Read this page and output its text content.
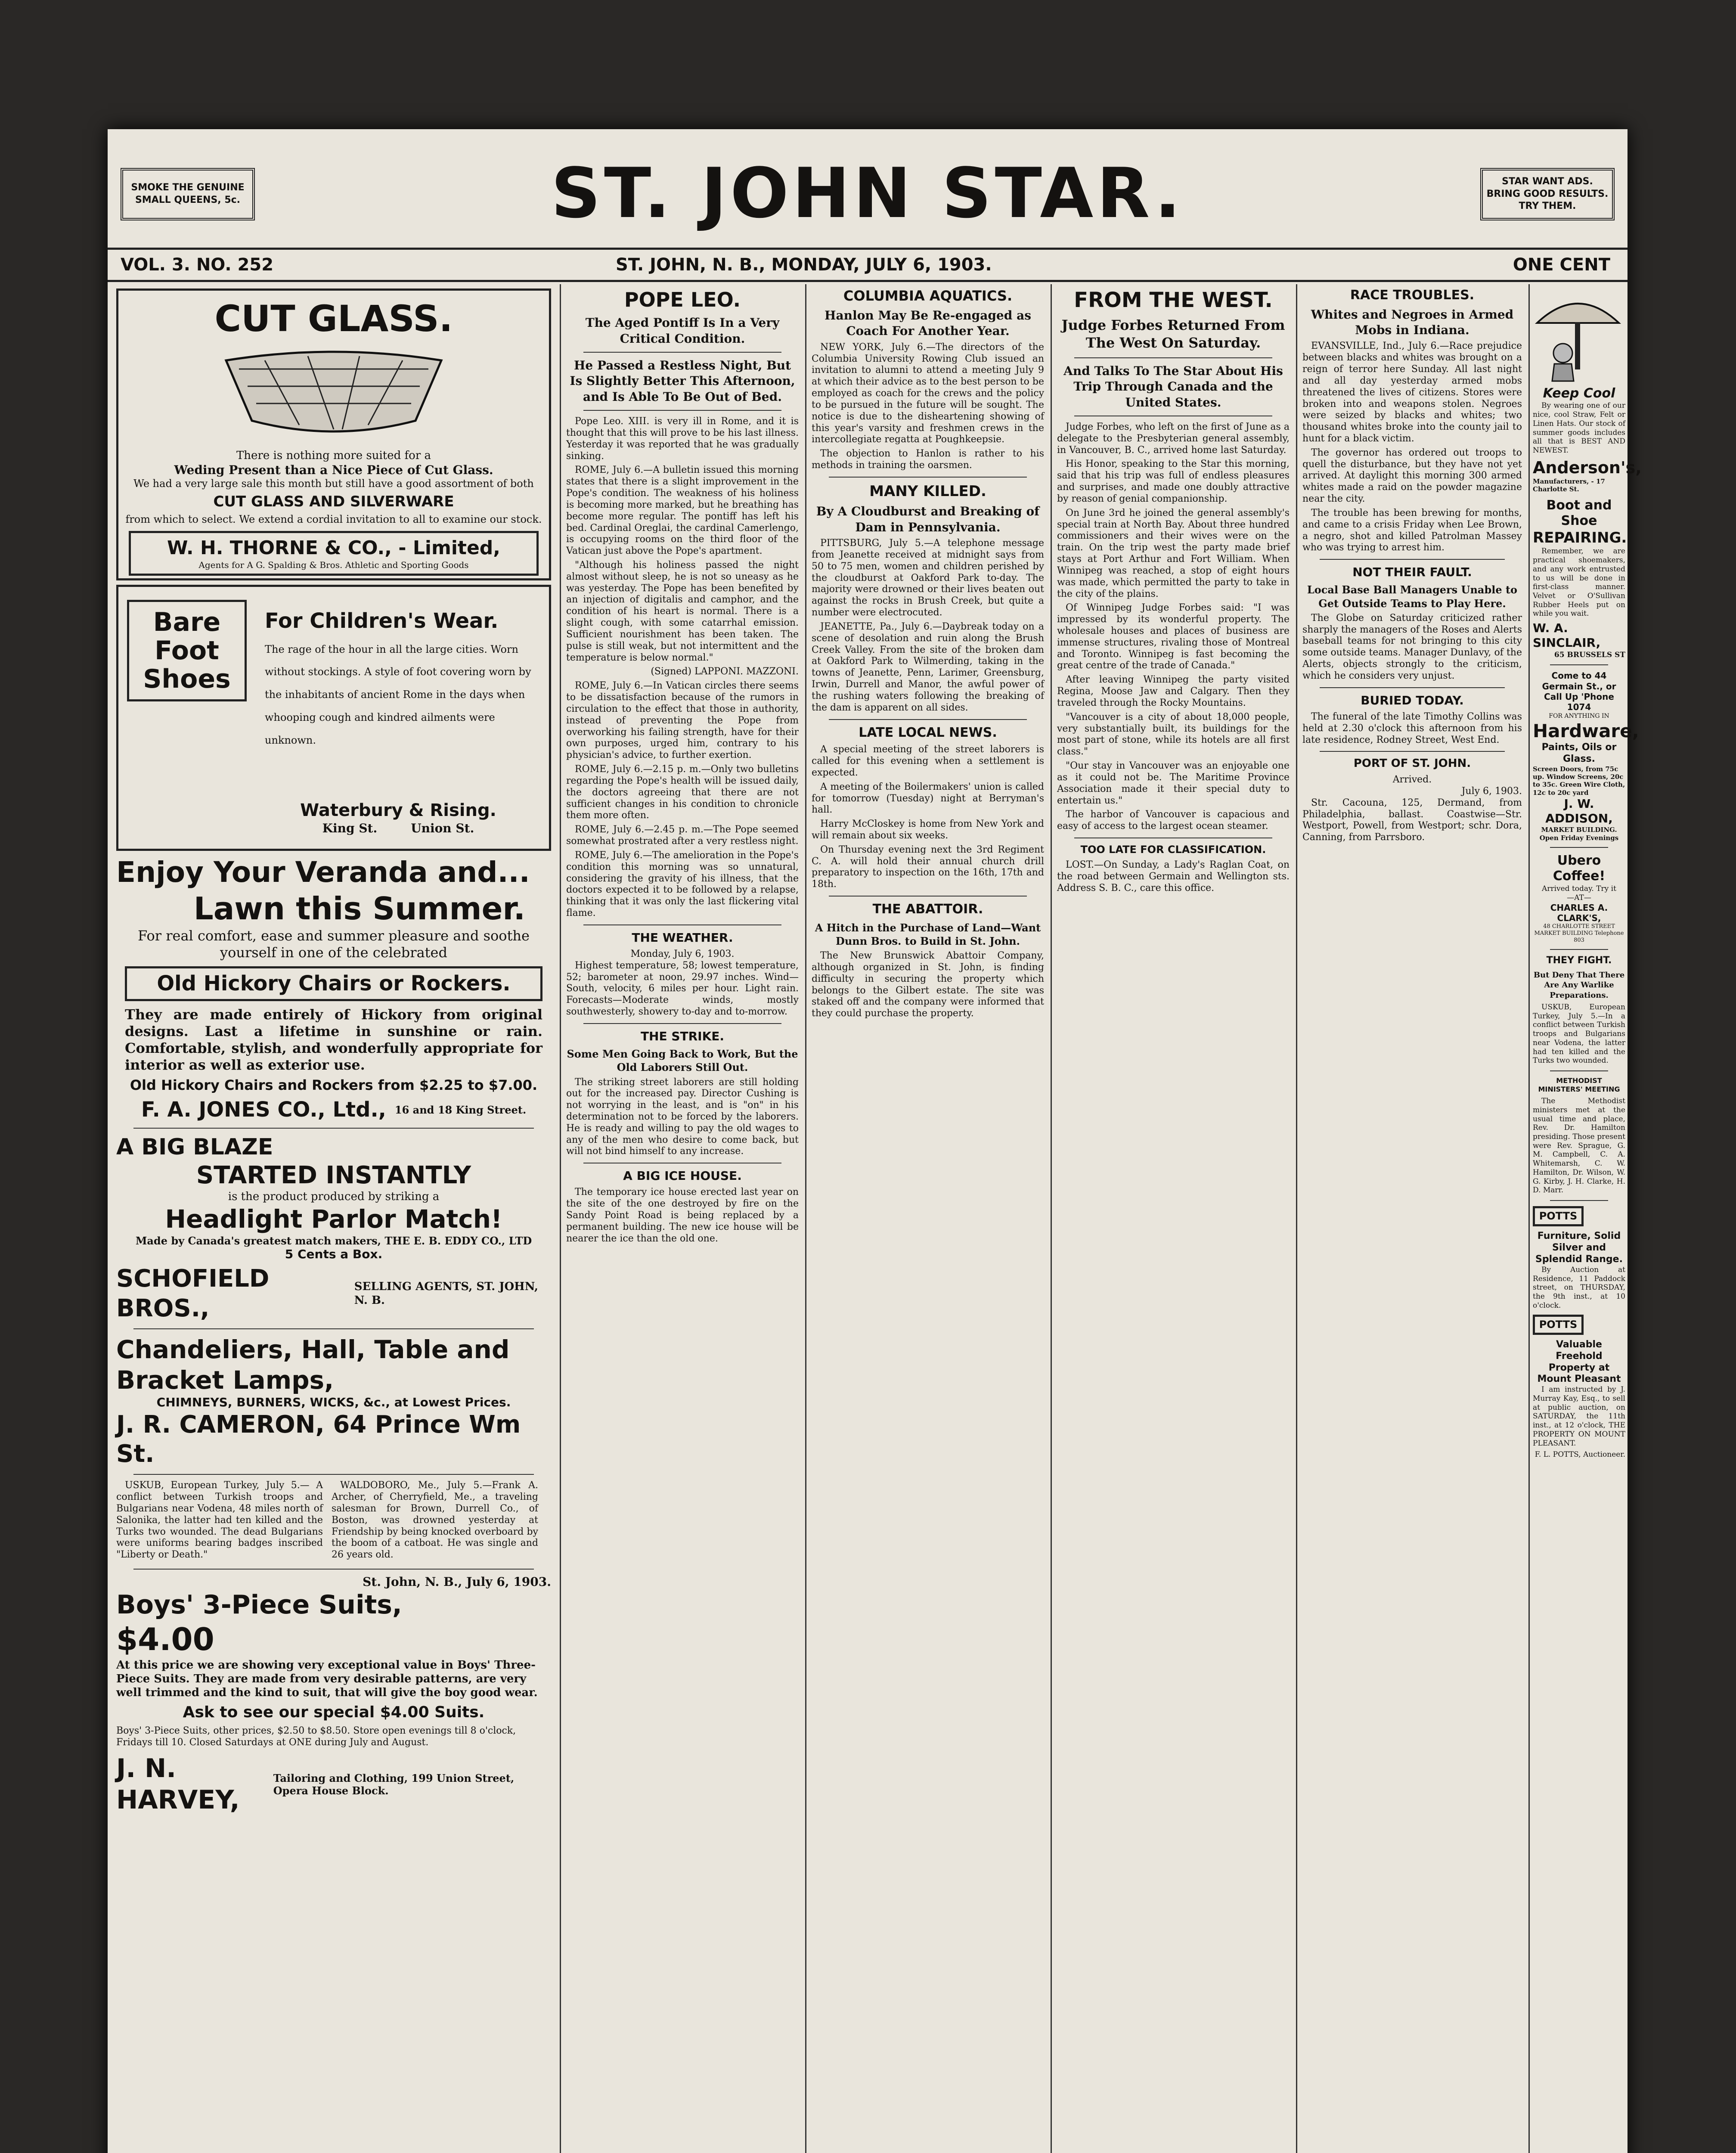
SMOKE THE GENUINE
SMALL QUEENS, 5c.	ST. JOHN STAR.	STAR WANT ADS.
BRING GOOD RESULTS.
TRY THEM.
VOL. 3. NO. 252	ST. JOHN, N. B., MONDAY, JULY 6, 1903.	ONE CENT
CUT GLASS.
There is nothing more suited for a
Weding Present than a Nice Piece of Cut Glass.
We had a very large sale this month but still have a good assortment of both
CUT GLASS AND SILVERWARE
from which to select. We extend a cordial invitation to all to examine our stock.
W. H. THORNE & CO., - Limited,
Agents for A G. Spalding & Bros. Athletic and Sporting Goods
Bare Foot Shoes
For Children's Wear.
The rage of the hour in all the large cities. Worn without stockings. A style of foot covering worn by the inhabitants of ancient Rome in the days when whooping cough and kindred ailments were unknown.
Waterbury & Rising.
King St.        Union St.
Enjoy Your Veranda and...
Lawn this Summer.
For real comfort, ease and summer pleasure and soothe yourself in one of the celebrated
Old Hickory Chairs or Rockers.
They are made entirely of Hickory from original designs. Last a lifetime in sunshine or rain. Comfortable, stylish, and wonderfully appropriate for interior as well as exterior use.
Old Hickory Chairs and Rockers from $2.25 to $7.00.
F. A. JONES CO., Ltd., 16 and 18 King Street.
A BIG BLAZE
STARTED INSTANTLY
is the product produced by striking a
Headlight Parlor Match!
Made by Canada's greatest match makers, THE E. B. EDDY CO., LTD
5 Cents a Box.
SCHOFIELD BROS.,
SELLING AGENTS, ST. JOHN, N. B.
Chandeliers, Hall, Table and Bracket Lamps,
CHIMNEYS, BURNERS, WICKS, &c., at Lowest Prices.
J. R. CAMERON, 64 Prince Wm St.

USKUB, European Turkey, July 5.— A conflict between Turkish troops and Bulgarians near Vodena, 48 miles north of Salonika, the latter had ten killed and the Turks two wounded. The dead Bulgarians were uniforms bearing badges inscribed "Liberty or Death."

WALDOBORO, Me., July 5.—Frank A. Archer, of Cherryfield, Me., a traveling salesman for Brown, Durrell Co., of Boston, was drowned yesterday at Friendship by being knocked overboard by the boom of a catboat. He was single and 26 years old.

St. John, N. B., July 6, 1903.
Boys' 3-Piece Suits,
$4.00
At this price we are showing very exceptional value in Boys' Three-Piece Suits. They are made from very desirable patterns, are very well trimmed and the kind to suit, that will give the boy good wear.
Ask to see our special $4.00 Suits.
Boys' 3-Piece Suits, other prices, $2.50 to $8.50. Store open evenings till 8 o'clock, Fridays till 10. Closed Saturdays at ONE during July and August.
J. N. HARVEY,
Tailoring and Clothing, 199 Union Street, Opera House Block.
POPE LEO.
The Aged Pontiff Is In a Very Critical Condition.
He Passed a Restless Night, But Is Slightly Better This Afternoon, and Is Able To Be Out of Bed.

Pope Leo. XIII. is very ill in Rome, and it is thought that this will prove to be his last illness. Yesterday it was reported that he was gradually sinking.

ROME, July 6.—A bulletin issued this morning states that there is a slight improvement in the Pope's condition. The weakness of his holiness is becoming more marked, but he breathing has become more regular. The pontiff has left his bed. Cardinal Oreglai, the cardinal Camerlengo, is occupying rooms on the third floor of the Vatican just above the Pope's apartment.

"Although his holiness passed the night almost without sleep, he is not so uneasy as he was yesterday. The Pope has been benefited by an injection of digitalis and camphor, and the condition of his heart is normal. There is a slight cough, with some catarrhal emission. Sufficient nourishment has been taken. The pulse is still weak, but not intermittent and the temperature is below normal."

(Signed) LAPPONI. MAZZONI.

ROME, July 6.—In Vatican circles there seems to be dissatisfaction because of the rumors in circulation to the effect that those in authority, instead of preventing the Pope from overworking his failing strength, have for their own purposes, urged him, contrary to his physician's advice, to further exertion.

ROME, July 6.—2.15 p. m.—Only two bulletins regarding the Pope's health will be issued daily, the doctors agreeing that there are not sufficient changes in his condition to chronicle them more often.

ROME, July 6.—2.45 p. m.—The Pope seemed somewhat prostrated after a very restless night.

ROME, July 6.—The amelioration in the Pope's condition this morning was so unnatural, considering the gravity of his illness, that the doctors expected it to be followed by a relapse, thinking that it was only the last flickering vital flame.

THE WEATHER.
Monday, July 6, 1903.

Highest temperature, 58; lowest temperature, 52; barometer at noon, 29.97 inches. Wind—South, velocity, 6 miles per hour. Light rain. Forecasts—Moderate winds, mostly southwesterly, showery to-day and to-morrow.

THE STRIKE.
Some Men Going Back to Work, But the Old Laborers Still Out.

The striking street laborers are still holding out for the increased pay. Director Cushing is not worrying in the least, and is "on" in his determination not to be forced by the laborers. He is ready and willing to pay the old wages to any of the men who desire to come back, but will not bind himself to any increase.

A BIG ICE HOUSE.

The temporary ice house erected last year on the site of the one destroyed by fire on the Sandy Point Road is being replaced by a permanent building. The new ice house will be nearer the ice than the old one.

COLUMBIA AQUATICS.
Hanlon May Be Re-engaged as Coach For Another Year.

NEW YORK, July 6.—The directors of the Columbia University Rowing Club issued an invitation to alumni to attend a meeting July 9 at which their advice as to the best person to be employed as coach for the crews and the policy to be pursued in the future will be sought. The notice is due to the disheartening showing of this year's varsity and freshmen crews in the intercollegiate regatta at Poughkeepsie.

The objection to Hanlon is rather to his methods in training the oarsmen.

MANY KILLED.
By A Cloudburst and Breaking of Dam in Pennsylvania.

PITTSBURG, July 5.—A telephone message from Jeanette received at midnight says from 50 to 75 men, women and children perished by the cloudburst at Oakford Park to-day. The majority were drowned or their lives beaten out against the rocks in Brush Creek, but quite a number were electrocuted.

JEANETTE, Pa., July 6.—Daybreak today on a scene of desolation and ruin along the Brush Creek Valley. From the site of the broken dam at Oakford Park to Wilmerding, taking in the towns of Jeanette, Penn, Larimer, Greensburg, Irwin, Durrell and Manor, the awful power of the rushing waters following the breaking of the dam is apparent on all sides.

LATE LOCAL NEWS.

A special meeting of the street laborers is called for this evening when a settlement is expected.

A meeting of the Boilermakers' union is called for tomorrow (Tuesday) night at Berryman's hall.

Harry McCloskey is home from New York and will remain about six weeks.

On Thursday evening next the 3rd Regiment C. A. will hold their annual church drill preparatory to inspection on the 16th, 17th and 18th.

THE ABATTOIR.
A Hitch in the Purchase of Land—Want Dunn Bros. to Build in St. John.

The New Brunswick Abattoir Company, although organized in St. John, is finding difficulty in securing the property which belongs to the Gilbert estate. The site was staked off and the company were informed that they could purchase the property.

FROM THE WEST.
Judge Forbes Returned From The West On Saturday.
And Talks To The Star About His Trip Through Canada and the United States.

Judge Forbes, who left on the first of June as a delegate to the Presbyterian general assembly, in Vancouver, B. C., arrived home last Saturday.

His Honor, speaking to the Star this morning, said that his trip was full of endless pleasures and surprises, and made one doubly attractive by reason of genial companionship.

On June 3rd he joined the general assembly's special train at North Bay. About three hundred commissioners and their wives were on the train. On the trip west the party made brief stays at Port Arthur and Fort William. When Winnipeg was reached, a stop of eight hours was made, which permitted the party to take in the city of the plains.

Of Winnipeg Judge Forbes said: "I was impressed by its wonderful property. The wholesale houses and places of business are immense structures, rivaling those of Montreal and Toronto. Winnipeg is fast becoming the great centre of the trade of Canada."

After leaving Winnipeg the party visited Regina, Moose Jaw and Calgary. Then they traveled through the Rocky Mountains.

"Vancouver is a city of about 18,000 people, very substantially built, its buildings for the most part of stone, while its hotels are all first class."

"Our stay in Vancouver was an enjoyable one as it could not be. The Maritime Province Association made it their special duty to entertain us."

The harbor of Vancouver is capacious and easy of access to the largest ocean steamer.

TOO LATE FOR CLASSIFICATION.

LOST.—On Sunday, a Lady's Raglan Coat, on the road between Germain and Wellington sts. Address S. B. C., care this office.

RACE TROUBLES.
Whites and Negroes in Armed Mobs in Indiana.

EVANSVILLE, Ind., July 6.—Race prejudice between blacks and whites was brought on a reign of terror here Sunday. All last night and all day yesterday armed mobs threatened the lives of citizens. Stores were broken into and weapons stolen. Negroes were seized by blacks and whites; two thousand whites broke into the county jail to hunt for a black victim.

The governor has ordered out troops to quell the disturbance, but they have not yet arrived. At daylight this morning 300 armed whites made a raid on the powder magazine near the city.

The trouble has been brewing for months, and came to a crisis Friday when Lee Brown, a negro, shot and killed Patrolman Massey who was trying to arrest him.

NOT THEIR FAULT.
Local Base Ball Managers Unable to Get Outside Teams to Play Here.

The Globe on Saturday criticized rather sharply the managers of the Roses and Alerts baseball teams for not bringing to this city some outside teams. Manager Dunlavy, of the Alerts, objects strongly to the criticism, which he considers very unjust.

BURIED TODAY.

The funeral of the late Timothy Collins was held at 2.30 o'clock this afternoon from his late residence, Rodney Street, West End.

PORT OF ST. JOHN.
Arrived.
July 6, 1903.

Str. Cacouna, 125, Dermand, from Philadelphia, ballast. Coastwise—Str. Westport, Powell, from Westport; schr. Dora, Canning, from Parrsboro.

Keep Cool

By wearing one of our nice, cool Straw, Felt or Linen Hats. Our stock of summer goods includes all that is BEST AND NEWEST.

Anderson's,
Manufacturers, - 17 Charlotte St.
Boot and Shoe
REPAIRING.

Remember, we are practical shoemakers, and any work entrusted to us will be done in first-class manner. Velvet or O'Sullivan Rubber Heels put on while you wait.

W. A. SINCLAIR,
65 BRUSSELS ST
Come to 44 Germain St., or Call Up 'Phone 1074
FOR ANYTHING IN
Hardware,
Paints, Oils or Glass.
Screen Doors, from 75c up. Window Screens, 20c to 35c. Green Wire Cloth, 12c to 20c yard
J. W. ADDISON,
MARKET BUILDING. Open Friday Evenings
Ubero Coffee!
Arrived today. Try it
—AT—
CHARLES A. CLARK'S,
48 CHARLOTTE STREET MARKET BUILDING Telephone 803
THEY FIGHT.
But Deny That There Are Any Warlike Preparations.

USKUB, European Turkey, July 5.—In a conflict between Turkish troops and Bulgarians near Vodena, the latter had ten killed and the Turks two wounded.

METHODIST MINISTERS' MEETING

The Methodist ministers met at the usual time and place, Rev. Dr. Hamilton presiding. Those present were Rev. Sprague, G. M. Campbell, C. A. Whitemarsh, C. W. Hamilton, Dr. Wilson, W. G. Kirby, J. H. Clarke, H. D. Marr.

POTTS
Furniture, Solid Silver and Splendid Range.

By Auction at Residence, 11 Paddock street, on THURSDAY, the 9th inst., at 10 o'clock.

POTTS
Valuable Freehold Property at Mount Pleasant

I am instructed by J. Murray Kay, Esq., to sell at public auction, on SATURDAY, the 11th inst., at 12 o'clock, THE PROPERTY ON MOUNT PLEASANT.

F. L. POTTS, Auctioneer.
